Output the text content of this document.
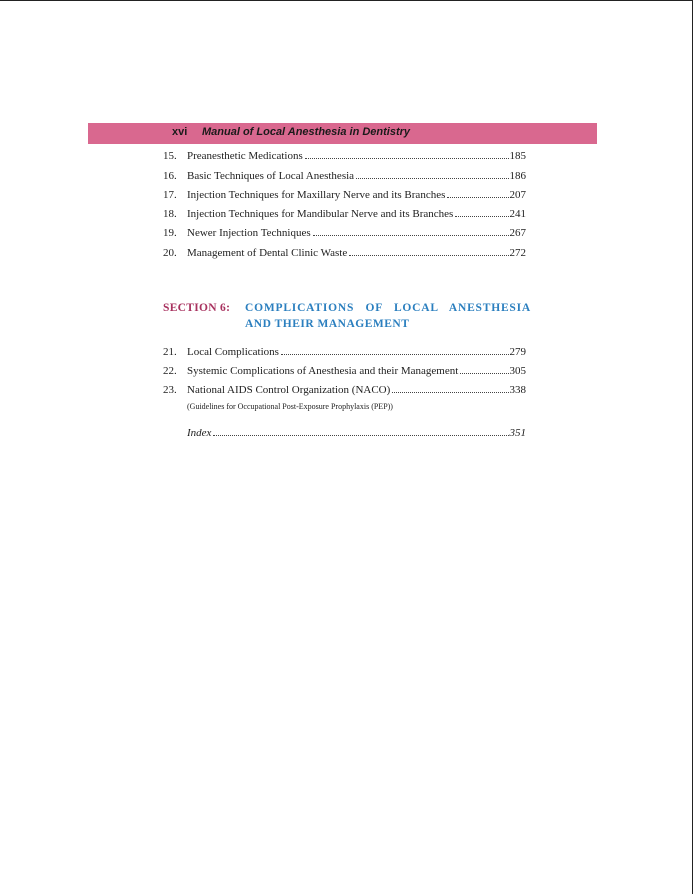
xvi Manual of Local Anesthesia in Dentistry
15. Preanesthetic Medications	185
16. Basic Techniques of Local Anesthesia	186
17. Injection Techniques for Maxillary Nerve and its Branches	207
18. Injection Techniques for Mandibular Nerve and its Branches	241
19. Newer Injection Techniques	267
20. Management of Dental Clinic Waste	272
SECTION 6: COMPLICATIONS OF LOCAL ANESTHESIA
AND THEIR MANAGEMENT
21. Local Complications	279
22. Systemic Complications of Anesthesia and their Management	305
23. National AIDS Control Organization (NACO)	338
(Guidelines for Occupational Post-Exposure Prophylaxis (PEP))
Index	351
